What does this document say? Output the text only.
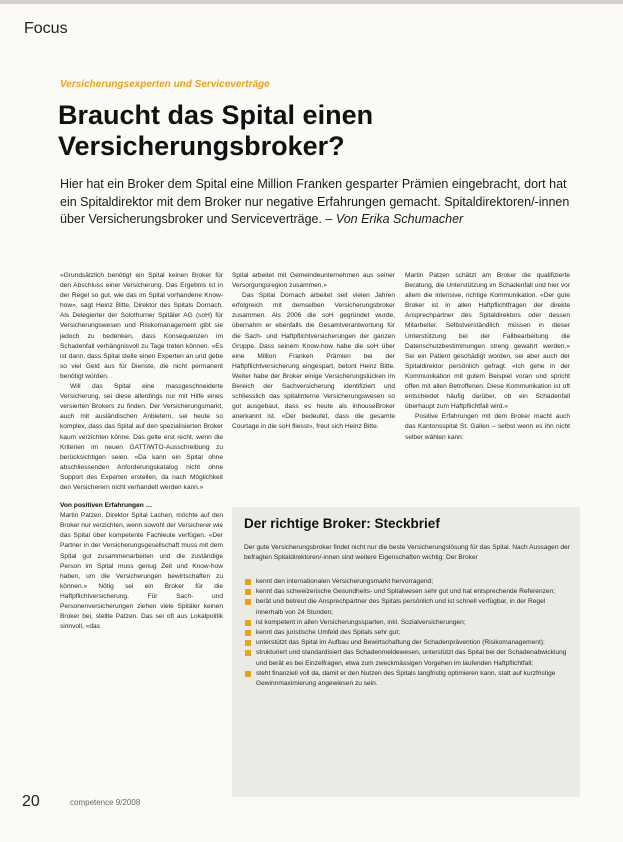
Focus
Versicherungsexperten und Serviceverträge
Braucht das Spital einen Versicherungsbroker?

Hier hat ein Broker dem Spital eine Million Franken gesparter Prämien eingebracht, dort hat ein Spitaldirektor mit dem Broker nur negative Erfahrungen gemacht. Spitaldirektoren/-innen über Versicherungsbroker und Serviceverträge. – Von Erika Schumacher

«Grundsätzlich benötigt ein Spital keinen Broker für den Abschluss einer Versicherung. Das Ergebnis ist in der Regel so gut, wie das im Spital vorhandene Know-how», sagt Heinz Bitte, Direktor des Spitals Dornach. Als Delegierter der Solothurner Spitäler AG (soH) für Versicherungswesen und Risikomanagement gibt sie jedoch zu bedenken, dass Konsequenzen im Schadenfall verhängnisvoll zu Tage treten können. «Es ist dann, dass Spital stelle einen Experten an und gebe so viel Geld aus für Dienste, die nicht permanent benötigt würden.

Will das Spital eine massgeschneiderte Versicherung, sei diese allerdings nur mit Hilfe eines versierten Brokers zu finden. Der Versicherungsmarkt, auch mit ausländischen Anbietern, sei heute so komplex, dass das Spital auf den spezialisierten Broker kaum verzichten könne. Das gelte erst recht, wenn die Kriterien im neuen GATT/WTO-Ausschreibung zu berücksichtigen seien. «Da kann ein Spital ohne abschliessenden Anforderungskatalog nicht ohne Support des Experten erstellen, da nach Möglichkeit den Versicherern nicht verhandelt werden kann.»

Von positiven Erfahrungen …

Martin Patzen, Direktor Spital Lachen, möchte auf den Broker nur verzichten, wenn sowohl der Versicherer wie das Spital über kompetente Fachleute verfügen. «Der Partner in der Versicherungsgesellschaft muss mit dem Spital gut zusammenarbeiten und die zuständige Person im Spital muss genug Zeit und Know-how haben, um die Versicherungen bewirtschaften zu können.» Nötig sei ein Broker für die Haftpflichtversicherung. Für Sach- und Personenversicherungen ziehen viele Spitäler keinen Broker bei, stellte Patzen. Das sei oft aus Lokalpolitik sinnvoll, «das

Spital arbeitet mit Gemeindeunternehmen aus seiner Versorgungsregion zusammen.»

Das Spital Dornach arbeitet seit vielen Jahren erfolgreich mit demselben Versicherungsbroker zusammen. Als 2006 die soH gegründet wurde, übernahm er ebenfalls die Gesamtverantwortung für die Sach- und Haftpflichtversicherungen der ganzen Gruppe. Dass seinem Know-how habe die soH über eine Million Franken Prämien bei der Haftpflichtversicherung eingespart, betont Heinz Bitte. Weiter habe der Broker einige Versicherungslücken im Bereich der Sachversicherung identifiziert und schliesslich das spitalinterne Versicherungswesen so gut ausgebaut, dass es heute als inhouseBroker anerkannt ist. «Der bedeutet, dass die gesamte Courtage in die soH fliesst», freut sich Heinz Bitte.

Martin Patzen schätzt am Broker die qualifizierte Beratung, die Unterstützung im Schadenfall und hier vor allem die intensive, richtige Kommunikation. «Der gute Broker ist in allen Haftpflichtfragen der direkte Ansprechpartner des Spitaldirektors oder dessen Mitarbeiter. Selbstverständlich müssen in dieser Unterstützung bei der Fallbearbeitung die Datenschutzbestimmungen streng gewahrt werden.» Sei ein Patient geschädigt worden, sei aber auch der Spitaldirektor persönlich gefragt. «Ich gehe in der Kommunikation mit gutem Beispiel voran und spricht offen mit allen Betroffenen. Diese Kommunikation ist oft entscheidet häufig darüber, ob ein Schadenfall überhaupt zum Haftpflichtfall wird.»

Positive Erfahrungen mit dem Broker macht auch das Kantonsspital St. Gallen – selbst wenn es ihn nicht selber wählen kann:

Der richtige Broker: Steckbrief
Der gute Versicherungsbroker findet nicht nur die beste Versicherungslösung für das Spital. Nach Aussagen der befragten Spitaldirektoren/-innen sind weitere Eigenschaften wichtig: Der Broker
kennt den internationalen Versicherungsmarkt hervorragend;
kennt das schweizerische Gesundheits- und Spitalwesen sehr gut und hat entsprechende Referenzen;
berät und betreut die Ansprechpartner des Spitals persönlich und ist schnell verfügbar, in der Regel innerhalb von 24 Stunden;
ist kompetent in allen Versicherungssparten, inkl. Sozialversicherungen;
kennt das juristische Umfeld des Spitals sehr gut;
unterstützt das Spital im Aufbau und Bewirtschaftung der Schadenprävention (Risikomanagement);
strukturiert und standardisiert das Schadenmeldewesen, unterstützt das Spital bei der Schadenabwicklung und berät es bei Einzelfragen, etwa zum zweckmässigen Vorgehen im laufenden Haftpflichtfall;
steht finanziell voll da, damit er den Nutzen des Spitals langfristig optimieren kann, statt auf kurzfristige Gewinnmaximierung angewiesen zu sein.
20	competence 9/2008
